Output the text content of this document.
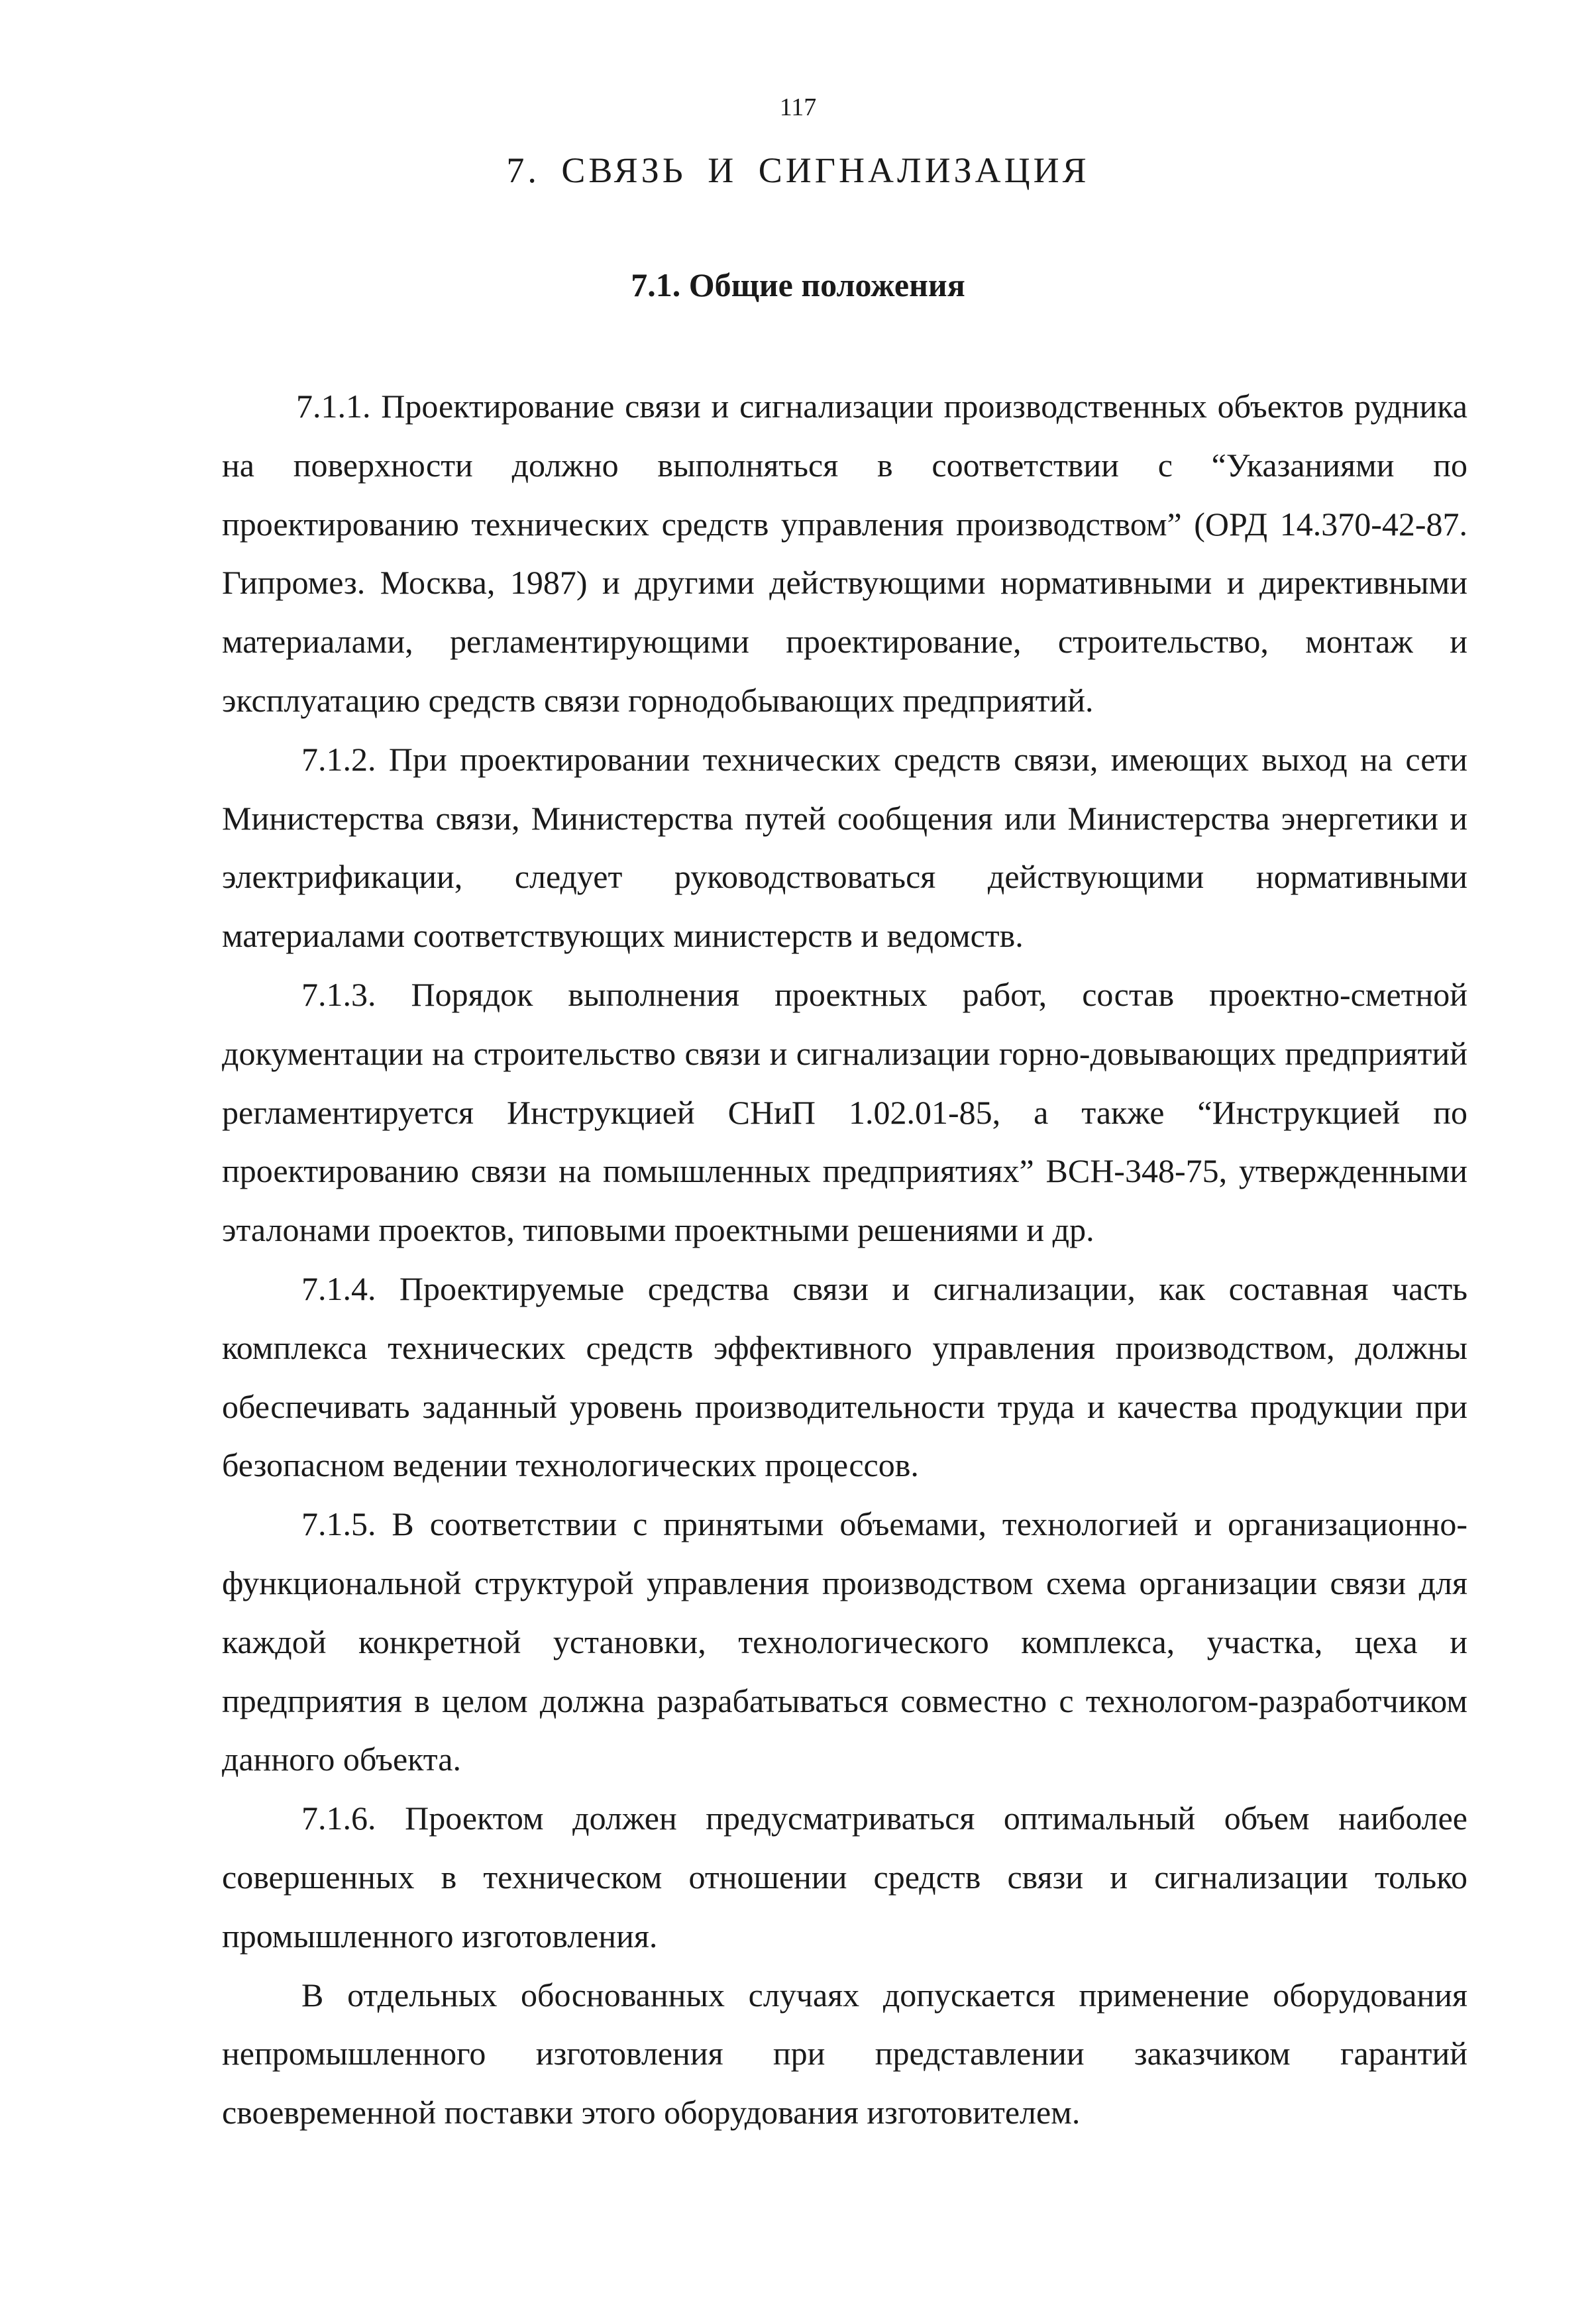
117
7. СВЯЗЬ И СИГНАЛИЗАЦИЯ
7.1. Общие положения

7.1.1. Проектирование связи и сигнализации производственных объектов рудника на поверхности должно выполняться в соответствии с “Указаниями по проектированию технических средств управления производством” (ОРД 14.370-42-87. Гипромез. Москва, 1987) и другими действующими нормативными и директивными материалами, регламентирующими проектирование, строительство, монтаж и эксплуатацию средств связи горнодобывающих предприятий.

7.1.2. При проектировании технических средств связи, имеющих выход на сети Министерства связи, Министерства путей сообщения или Министерства энергетики и электрификации, следует руководствоваться действующими нормативными материалами соответствующих министерств и ведомств.

7.1.3. Порядок выполнения проектных работ, состав проектно-сметной документации на строительство связи и сигнализации горно-довывающих предприятий регламентируется Инструкцией СНиП 1.02.01-85, а также “Инструкцией по проектированию связи на помышленных предприятиях” ВСН-348-75, утвержденными эталонами проектов, типовыми проектными решениями и др.

7.1.4. Проектируемые средства связи и сигнализации, как составная часть комплекса технических средств эффективного управления производством, должны обеспечивать заданный уровень производительности труда и качества продукции при безопасном ведении технологических процессов.

7.1.5. В соответствии с принятыми объемами, технологией и организационно-функциональной структурой управления производством схема организации связи для каждой конкретной установки, технологического комплекса, участка, цеха и предприятия в целом должна разрабатываться совместно с технологом-разработчиком данного объекта.

7.1.6. Проектом должен предусматриваться оптимальный объем наиболее совершенных в техническом отношении средств связи и сигнализации только промышленного изготовления.

В отдельных обоснованных случаях допускается применение оборудования непромышленного изготовления при представлении заказчиком гарантий своевременной поставки этого оборудования изготовителем.
